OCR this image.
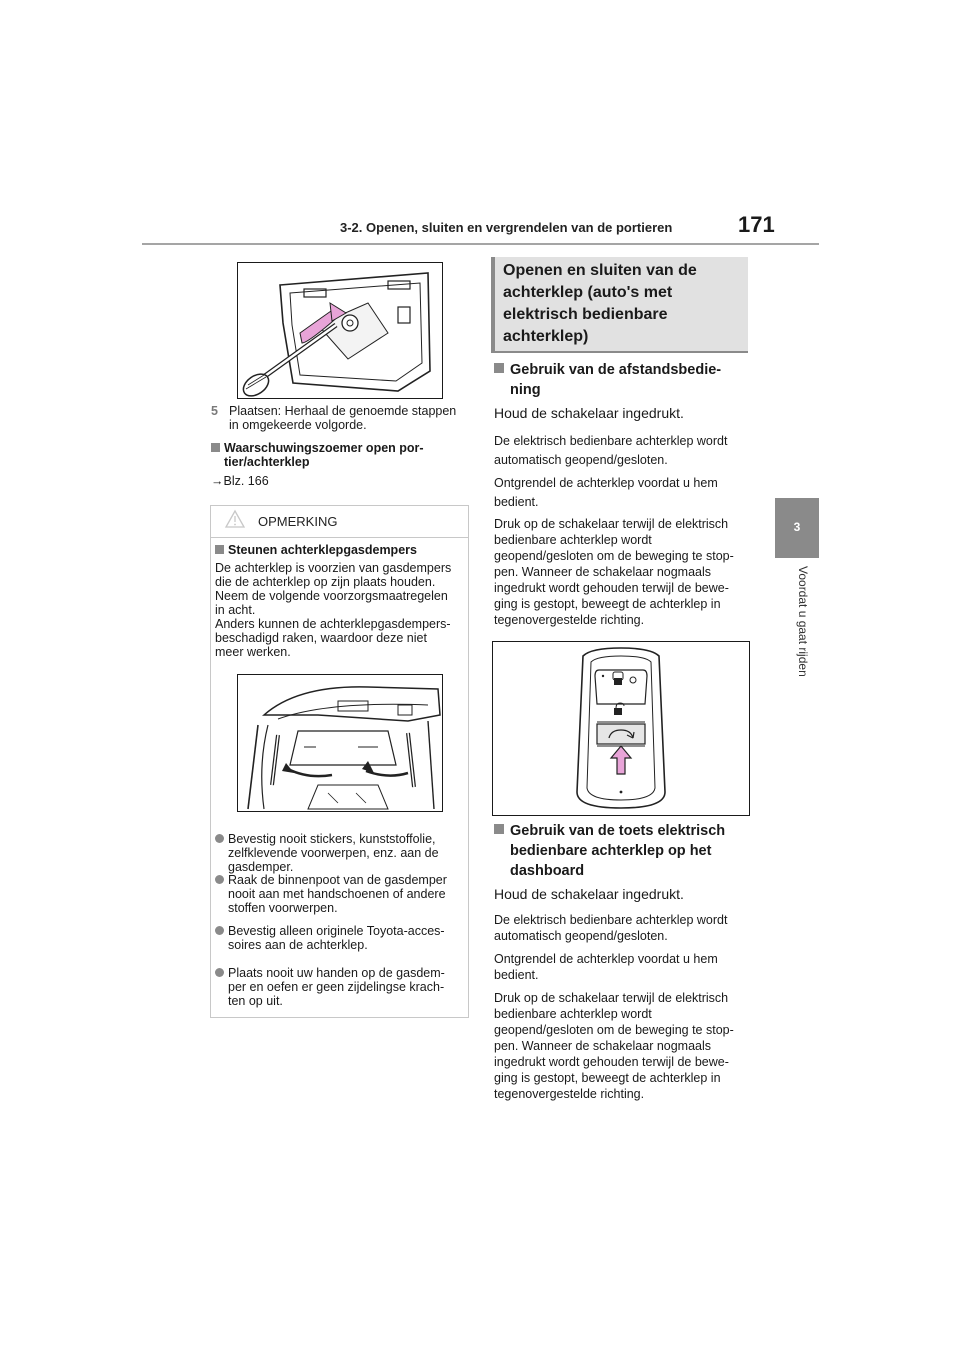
3-2. Openen, sluiten en vergrendelen van de portieren	171
3
Voordat u gaat rijden
5 Plaatsen: Herhaal de genoemde stappen in omgekeerde volgorde.
Waarschuwingszoemer open por-
tier/achterklep
→Blz. 166
OPMERKING
Steunen achterklepgasdempers
De achterklep is voorzien van gasdempers
die de achterklep op zijn plaats houden.
Neem de volgende voorzorgsmaatregelen
in acht.
Anders kunnen de achterklepgasdempers-
beschadigd raken, waardoor deze niet
meer werken.
Bevestig nooit stickers, kunststoffolie,
zelfklevende voorwerpen, enz. aan de
gasdemper.
Raak de binnenpoot van de gasdemper
nooit aan met handschoenen of andere
stoffen voorwerpen.
Bevestig alleen originele Toyota-acces-
soires aan de achterklep.
Plaats nooit uw handen op de gasdem-
per en oefen er geen zijdelingse krach-
ten op uit.
Openen en sluiten van de
achterklep (auto's met
elektrisch bedienbare
achterklep)
Gebruik van de afstandsbedie-
ning
Houd de schakelaar ingedrukt.
De elektrisch bedienbare achterklep wordt
automatisch geopend/gesloten.
Ontgrendel de achterklep voordat u hem
bedient.
Druk op de schakelaar terwijl de elektrisch
bedienbare achterklep wordt
geopend/gesloten om de beweging te stop-
pen. Wanneer de schakelaar nogmaals
ingedrukt wordt gehouden terwijl de bewe-
ging is gestopt, beweegt de achterklep in
tegenovergestelde richting.
Gebruik van de toets elektrisch
bedienbare achterklep op het
dashboard
Houd de schakelaar ingedrukt.
De elektrisch bedienbare achterklep wordt
automatisch geopend/gesloten.
Ontgrendel de achterklep voordat u hem
bedient.
Druk op de schakelaar terwijl de elektrisch
bedienbare achterklep wordt
geopend/gesloten om de beweging te stop-
pen. Wanneer de schakelaar nogmaals
ingedrukt wordt gehouden terwijl de bewe-
ging is gestopt, beweegt de achterklep in
tegenovergestelde richting.
